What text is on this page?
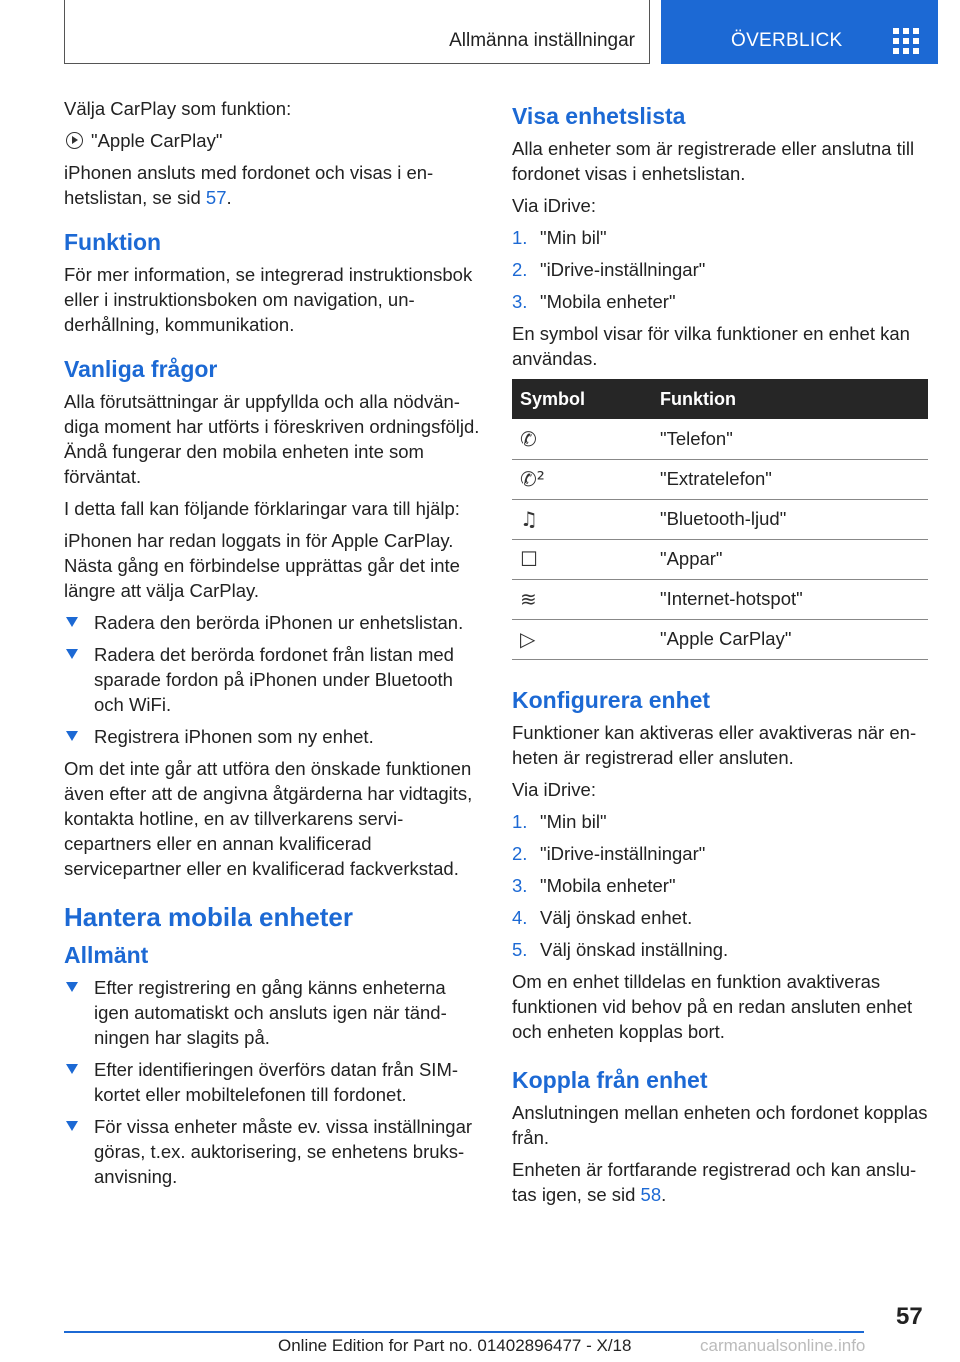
Allmänna inställningar	ÖVERBLICK

Välja CarPlay som funktion:

"Apple CarPlay"

iPhonen ansluts med fordonet och visas i enhetslistan, se sid 57.

Funktion

För mer information, se integrerad instruktionsbok eller i instruktionsboken om navigation, underhållning, kommunikation.

Vanliga frågor

Alla förutsättningar är uppfyllda och alla nödvändiga moment har utförts i föreskriven ordningsföljd. Ändå fungerar den mobila enheten inte som förväntat.

I detta fall kan följande förklaringar vara till hjälp:

iPhonen har redan loggats in för Apple CarPlay. Nästa gång en förbindelse upprättas går det inte längre att välja CarPlay.

Radera den berörda iPhonen ur enhetslistan.
Radera det berörda fordonet från listan med sparade fordon på iPhonen under Bluetooth och WiFi.
Registrera iPhonen som ny enhet.

Om det inte går att utföra den önskade funktionen även efter att de angivna åtgärderna har vidtagits, kontakta hotline, en av tillverkarens servicepartners eller en annan kvalificerad servicepartner eller en kvalificerad fackverkstad.

Hantera mobila enheter
Allmänt
Efter registrering en gång känns enheterna igen automatiskt och ansluts igen när tändningen har slagits på.
Efter identifieringen överförs datan från SIM-kortet eller mobiltelefonen till fordonet.
För vissa enheter måste ev. vissa inställningar göras, t.ex. auktorisering, se enhetens bruksanvisning.
Visa enhetslista

Alla enheter som är registrerade eller anslutna till fordonet visas i enhetslistan.

Via iDrive:

1. "Min bil"
2. "iDrive-inställningar"
3. "Mobila enheter"

En symbol visar för vilka funktioner en enhet kan användas.

Symbol	Funktion
✆	"Telefon"
✆²	"Extratelefon"
♫	"Bluetooth-ljud"
☐	"Appar"
≋	"Internet-hotspot"
▷	"Apple CarPlay"
Konfigurera enhet

Funktioner kan aktiveras eller avaktiveras när enheten är registrerad eller ansluten.

Via iDrive:

1. "Min bil"
2. "iDrive-inställningar"
3. "Mobila enheter"
4. Välj önskad enhet.
5. Välj önskad inställning.

Om en enhet tilldelas en funktion avaktiveras funktionen vid behov på en redan ansluten enhet och enheten kopplas bort.

Koppla från enhet

Anslutningen mellan enheten och fordonet kopplas från.

Enheten är fortfarande registrerad och kan anslutas igen, se sid 58.

57
Online Edition for Part no. 01402896477 - X/18	carmanualsonline.info
